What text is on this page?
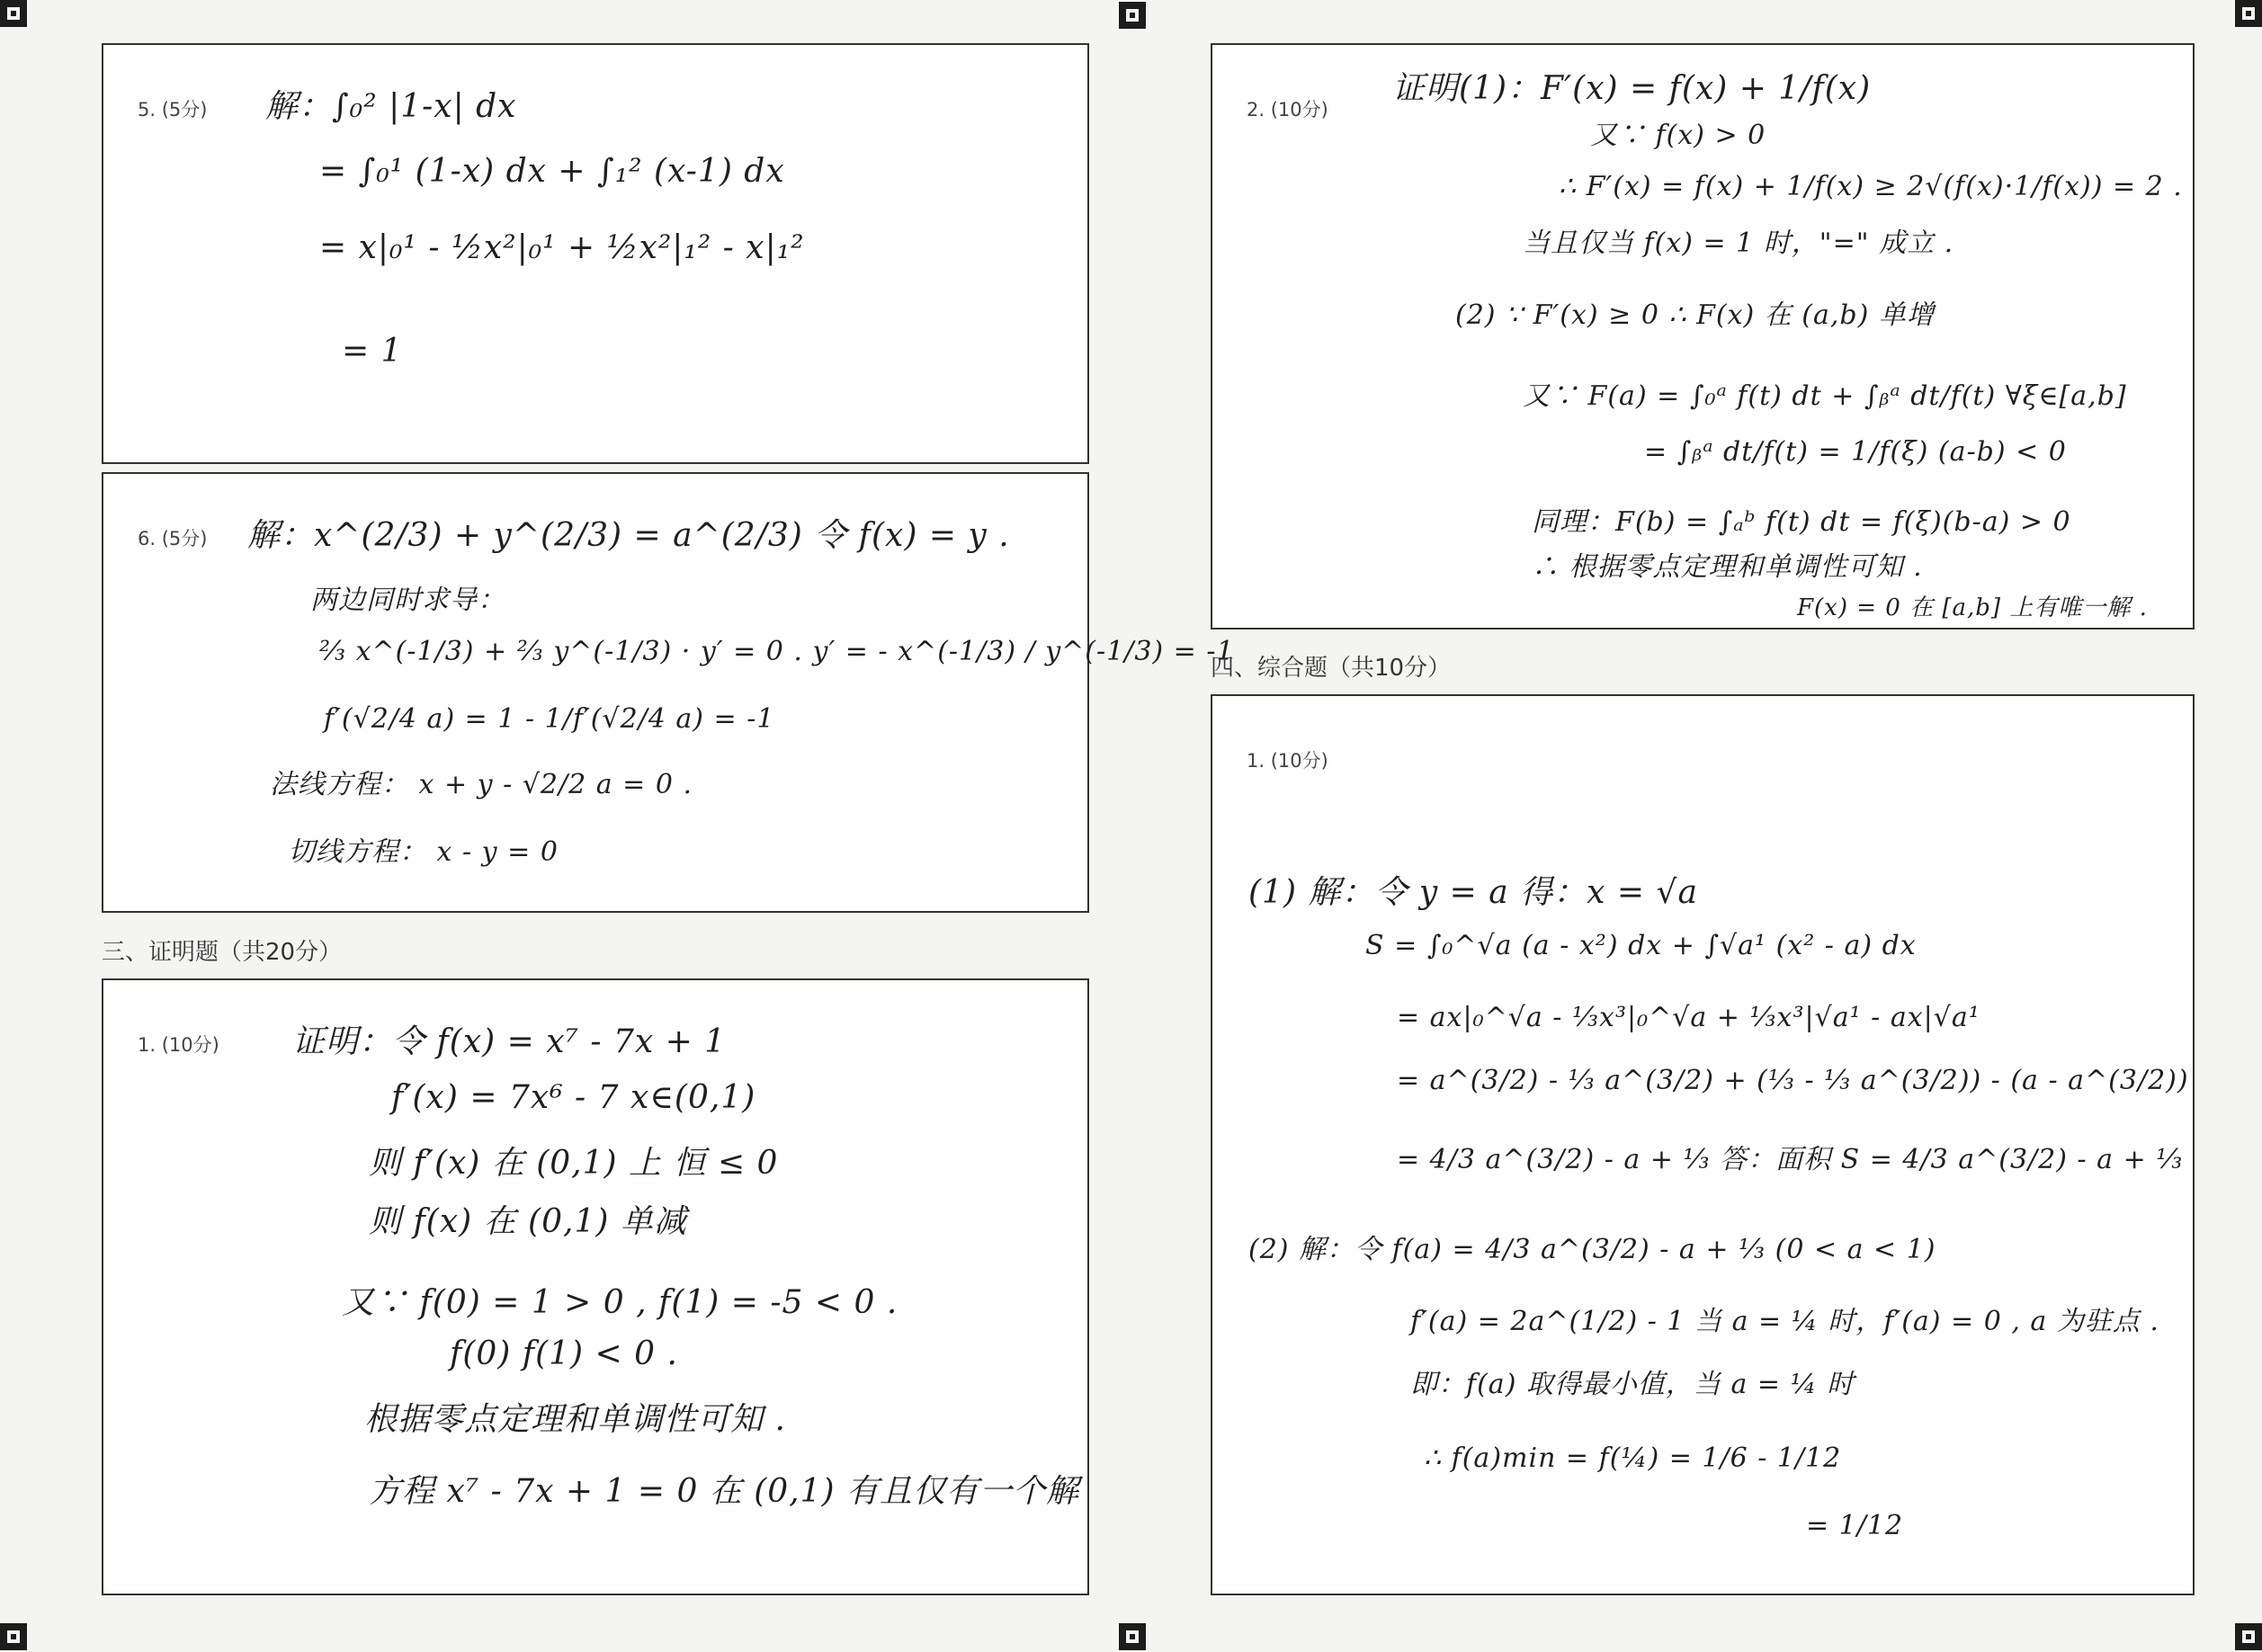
5. (5分) 解：∫₀² |1-x| dx
= ∫₀¹ (1-x) dx + ∫₁² (x-1) dx
= x|₀¹ - ½x²|₀¹ + ½x²|₁² - x|₁²
= 1
6. (5分) 解：x^(2/3) + y^(2/3) = a^(2/3) 令 f(x) = y .
两边同时求导：
⅔ x^(-1/3) + ⅔ y^(-1/3) · y′ = 0 . y′ = - x^(-1/3) / y^(-1/3) = -1
f′(√2/4 a) = 1 - 1/f′(√2/4 a) = -1
法线方程： x + y - √2/2 a = 0 .
切线方程： x - y = 0
三、证明题（共20分）
1. (10分) 证明：令 f(x) = x⁷ - 7x + 1
f′(x) = 7x⁶ - 7 x∈(0,1)
则 f′(x) 在 (0,1) 上 恒 ≤ 0
则 f(x) 在 (0,1) 单减
又∵ f(0) = 1 > 0 , f(1) = -5 < 0 .
f(0) f(1) < 0 .
根据零点定理和单调性可知 .
方程 x⁷ - 7x + 1 = 0 在 (0,1) 有且仅有一个解
2. (10分)
证明(1)：F′(x) = f(x) + 1/f(x)
又∵ f(x) > 0
∴ F′(x) = f(x) + 1/f(x) ≥ 2√(f(x)·1/f(x)) = 2 .
当且仅当 f(x) = 1 时，"=" 成立 .
(2) ∵ F′(x) ≥ 0 ∴ F(x) 在 (a,b) 单增
又∵ F(a) = ∫₀ᵃ f(t) dt + ∫ᵦᵃ dt/f(t) ∀ξ∈[a,b]
= ∫ᵦᵃ dt/f(t) = 1/f(ξ) (a-b) < 0
同理：F(b) = ∫ₐᵇ f(t) dt = f(ξ)(b-a) > 0
∴ 根据零点定理和单调性可知 .
F(x) = 0 在 [a,b] 上有唯一解 .
四、综合题（共10分）
1. (10分)
(1) 解：令 y = a 得：x = √a
S = ∫₀^√a (a - x²) dx + ∫√a¹ (x² - a) dx
= ax|₀^√a - ⅓x³|₀^√a + ⅓x³|√a¹ - ax|√a¹
= a^(3/2) - ⅓ a^(3/2) + (⅓ - ⅓ a^(3/2)) - (a - a^(3/2))
= 4/3 a^(3/2) - a + ⅓ 答：面积 S = 4/3 a^(3/2) - a + ⅓
(2) 解：令 f(a) = 4/3 a^(3/2) - a + ⅓ (0 < a < 1)
f′(a) = 2a^(1/2) - 1 当 a = ¼ 时，f′(a) = 0 , a 为驻点 .
即：f(a) 取得最小值，当 a = ¼ 时
∴ f(a)min = f(¼) = 1/6 - 1/12
= 1/12
